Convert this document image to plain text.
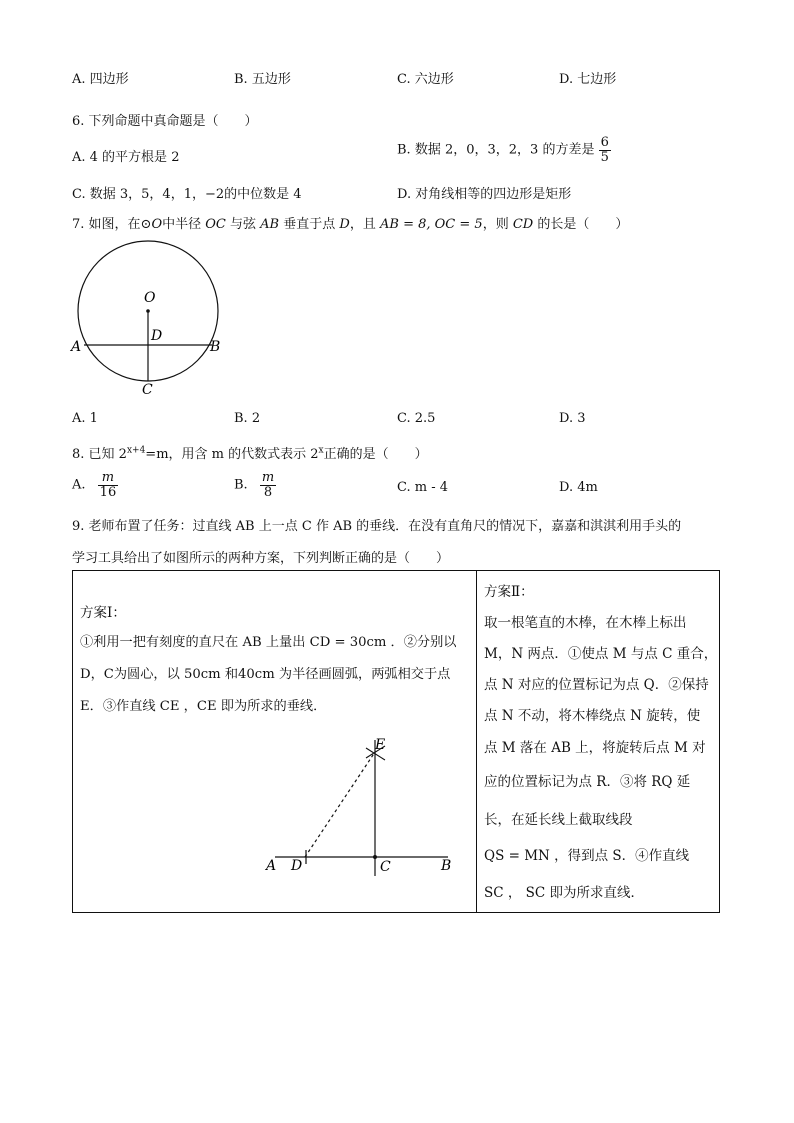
A. 四边形	B. 五边形	C. 六边形	D. 七边形
6. 下列命题中真命题是（　　）
A. 4 的平方根是 2	B. 数据 2，0，3，2，3 的方差是 $\frac{6}{5}$
C. 数据 3，5，4，1，−2的中位数是 4	D. 对角线相等的四边形是矩形
7. 如图，在⊙O中半径 OC 与弦 AB 垂直于点 D，且 AB = 8, OC = 5，则 CD 的长是（　　）
O
D
A	B
C
A. 1	B. 2	C. 2.5	D. 3
8. 已知 $2^{x+4}=m$，用含 m 的代数式表示 2$^x$正确的是（　　）
A. $\frac{m}{16}$	B. $\frac{m}{8}$	C. m - 4	D. 4m
9. 老师布置了任务：过直线 AB 上一点 C 作 AB 的垂线．在没有直角尺的情况下，嘉嘉和淇淇利用手头的
学习工具给出了如图所示的两种方案，下列判断正确的是（　　）
方案Ⅰ：
①利用一把有刻度的直尺在 AB 上量出 CD = 30cm ．②分别以
D，C为圆心，以 50cm 和40cm 为半径画圆弧，两弧相交于点
E．③作直线 CE ，CE 即为所求的垂线．
A D	C	B
E
方案Ⅱ：
取一根笔直的木棒，在木棒上标出
M，N 两点．①使点 M 与点 C 重合，
点 N 对应的位置标记为点 Q．②保持
点 N 不动，将木棒绕点 N 旋转，使
点 M 落在 AB 上，将旋转后点 M 对
应的位置标记为点 R．③将 RQ 延
长，在延长线上截取线段
QS = MN ，得到点 S．④作直线
SC ， SC 即为所求直线．
